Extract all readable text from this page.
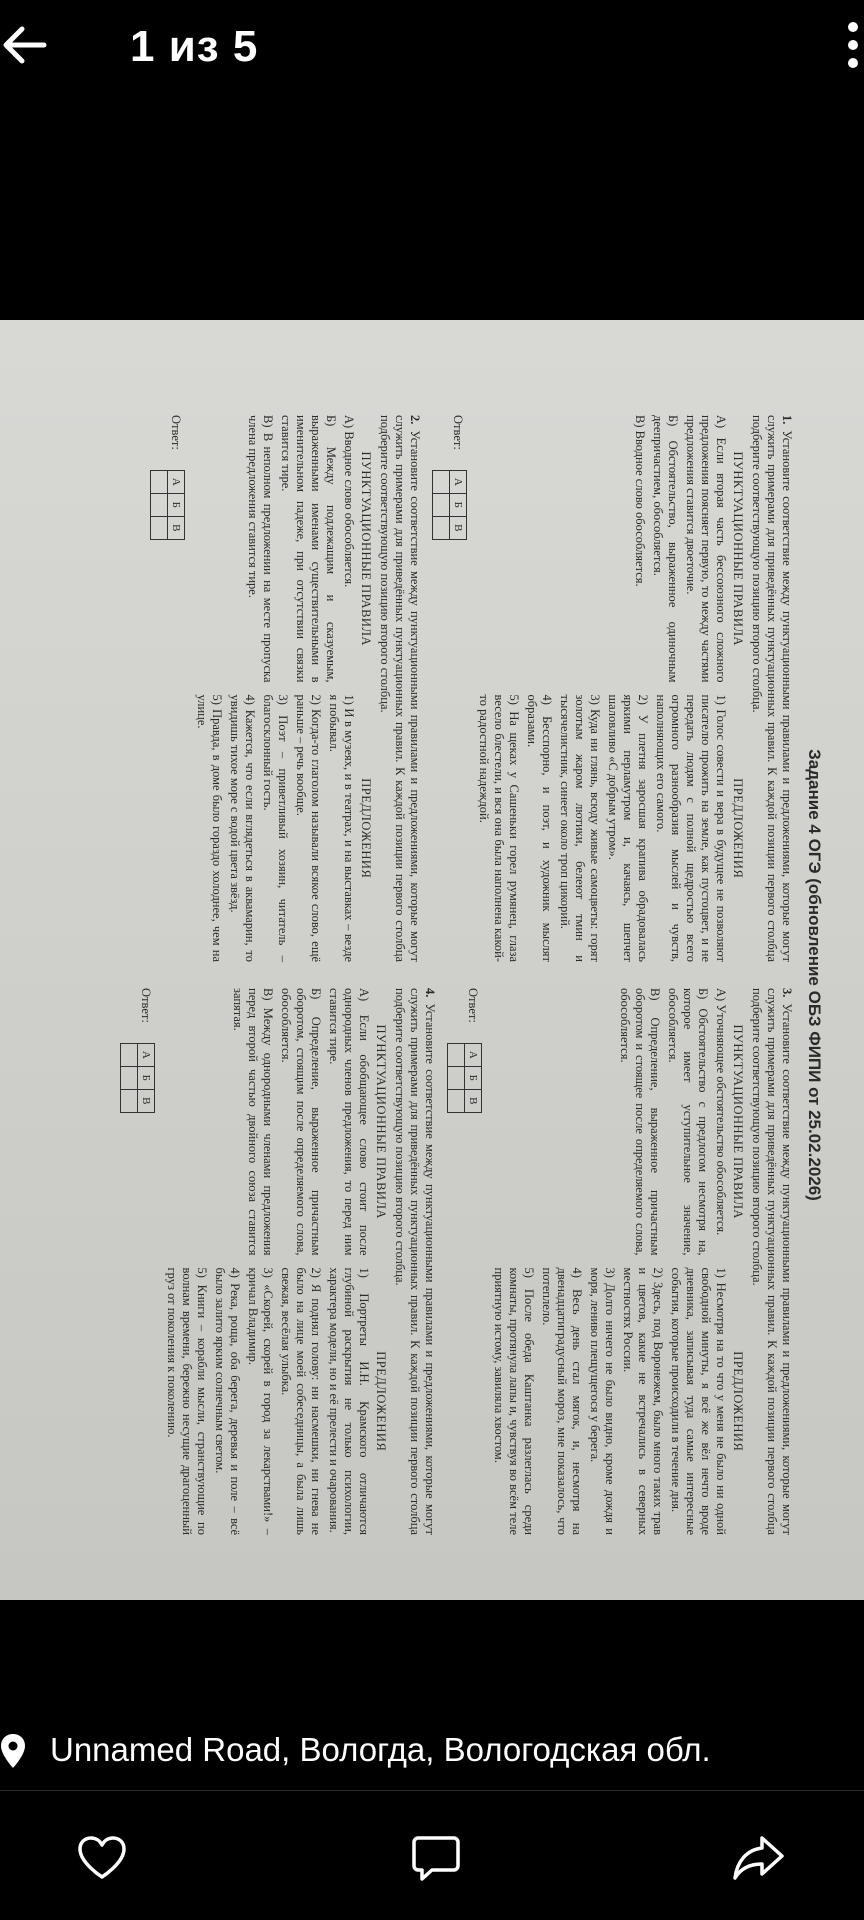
1 из 5
Задание 4 ОГЭ (обновление ОБЗ ФИПИ от 25.02.2026)
1.Установите соответствие между пунктуационными правилами и предложениями, которые могут служить примерами для приведённых пунктуационных правил. К каждой позиции первого столбца подберите соответствующую позицию второго столбца.
ПУНКТУАЦИОННЫЕ ПРАВИЛА
А) Если вторая часть бессоюзного сложного предложения поясняет первую, то между частями предложения ставится двоеточие.
Б) Обстоятельство, выраженное одиночным деепричастием, обособляется.
В) Вводное слово обособляется.
ПРЕДЛОЖЕНИЯ
1) Голос совести и вера в будущее не позволяют писателю прожить на земле, как пустоцвет, и не передать людям с полной щедростью всего огромного разнообразия мыслей и чувств, наполняющих его самого.
2) У плетня заросшая крапива обрадовалась яркими перламутром и, качаясь, шепчет шаловливо «С добрым утром».
3) Куда ни глянь, всюду живые самоцветы: горят золотым жаром лютики, белеют тмин и тысячелистник, синеет около троп цикорий.
4) Бесспорно, и поэт, и художник мыслят образами.
5) На щеках у Сашеньки горел румянец, глаза весело блестели, и вся она была наполнена какой-то радостной надеждой.
Ответ:
А	Б	В

2.Установите соответствие между пунктуационными правилами и предложениями, которые могут служить примерами для приведённых пунктуационных правил. К каждой позиции первого столбца подберите соответствующую позицию второго столбца.
ПУНКТУАЦИОННЫЕ ПРАВИЛА
А) Вводное слово обособляется.
Б) Между подлежащим и сказуемым, выраженными именами существительными в именительном падеже, при отсутствии связки ставится тире.
В) В неполном предложении на месте пропуска члена предложения ставится тире.
ПРЕДЛОЖЕНИЯ
1) И в музеях, и в театрах, и на выставках – везде я побывал.
2) Когда-то глаголом называли всякое слово, ещё раньше – речь вообще.
3) Поэт – приветливый хозяин, читатель – благосклонный гость.
4) Кажется, что если вглядеться в аквамарин, то увидишь тихое море с водой цвета звёзд.
5) Правда, в доме было гораздо холоднее, чем на улице.
Ответ:
А	Б	В

3.Установите соответствие между пунктуационными правилами и предложениями, которые могут служить примерами для приведённых пунктуационных правил. К каждой позиции первого столбца подберите соответствующую позицию второго столбца.
ПУНКТУАЦИОННЫЕ ПРАВИЛА
А) Уточняющее обстоятельство обособляется.
Б) Обстоятельство с предлогом несмотря на, которое имеет уступительное значение, обособляется.
В) Определение, выраженное причастным оборотом и стоящее после определяемого слова, обособляется.
ПРЕДЛОЖЕНИЯ
1) Несмотря на то что у меня не было ни одной свободной минуты, я всё же вёл нечто вроде дневника, записывая туда самые интересные события, которые происходили в течение дня.
2) Здесь, под Воронежем, было много таких трав и цветов, какие не встречались в северных местностях России.
3) Долго ничего не было видно, кроме дождя и моря, лениво плещущегося у берега.
4) Весь день стал мягок, и, несмотря на двенадцатиградусный мороз, мне показалось, что потеплело.
5) После обеда Каштанка разлеглась среди комнаты, протянула лапы и, чувствуя во всём теле приятную истому, завиляла хвостом.
Ответ:
А	Б	В

4.Установите соответствие между пунктуационными правилами и предложениями, которые могут служить примерами для приведённых пунктуационных правил. К каждой позиции первого столбца подберите соответствующую позицию второго столбца.
ПУНКТУАЦИОННЫЕ ПРАВИЛА
А) Если обобщающее слово стоит после однородных членов предложения, то перед ним ставится тире.
Б) Определение, выраженное причастным оборотом, стоящим после определяемого слова, обособляется.
В) Между однородными членами предложения перед второй частью двойного союза ставится запятая.
ПРЕДЛОЖЕНИЯ
1) Портреты И.Н. Крамского отличаются глубиной раскрытия не только психологии, характера модели, но и её прелести и очарования.
2) Я поднял голову: ни насмешки, ни гнева не было на лице моей собеседницы, а была лишь свежая, весёлая улыбка.
3) «Скорей, скорей в город за лекарствами!» – кричал Владимир.
4) Река, роща, оба берега, деревья и поле – всё было залито ярким солнечным светом.
5) Книги – корабли мысли, странствующие по волнам времени, бережно несущие драгоценный груз от поколения к поколению.
Ответ:
А	Б	В

Unnamed Road, Вологда, Вологодская обл.
